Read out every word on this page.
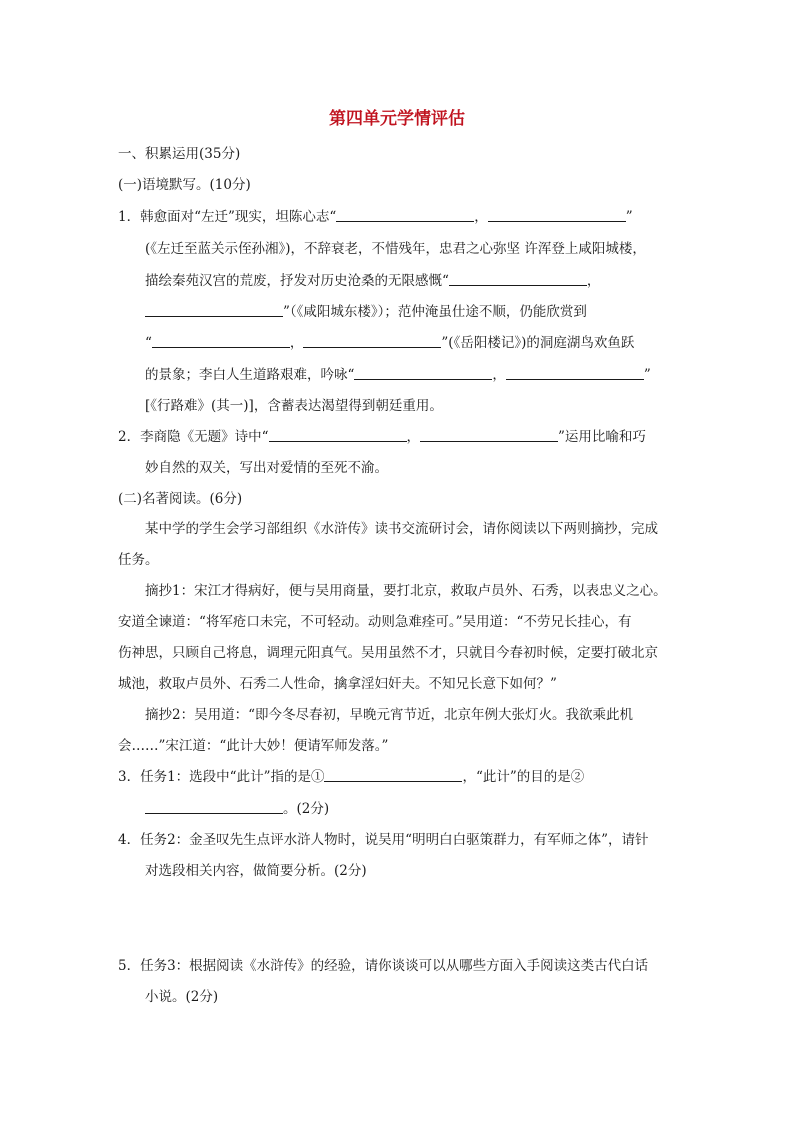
第四单元学情评估
一、积累运用(35分)
(一)语境默写。(10分)
1．韩愈面对“左迁”现实，坦陈心志“	，	”
(《左迁至蓝关示侄孙湘》)，不辞衰老，不惜残年，忠君之心弥坚 许浑登上咸阳城楼，
描绘秦苑汉宫的荒废，抒发对历史沧桑的无限感慨“	，
”（《咸阳城东楼》）；范仲淹虽仕途不顺，仍能欣赏到
“	，	”(《岳阳楼记》)的洞庭湖鸟欢鱼跃
的景象；李白人生道路艰难，吟咏“	，	”
[《行路难》(其一)]，含蓄表达渴望得到朝廷重用。
2．李商隐《无题》诗中“	，	”运用比喻和巧
妙自然的双关，写出对爱情的至死不渝。
(二)名著阅读。(6分)
某中学的学生会学习部组织《水浒传》读书交流研讨会，请你阅读以下两则摘抄，完成
任务。
摘抄1：宋江才得病好，便与吴用商量，要打北京，救取卢员外、石秀，以表忠义之心。
安道全谏道：“将军疮口未完，不可轻动。动则急难痊可。”吴用道：“不劳兄长挂心，有
伤神思，只顾自己将息，调理元阳真气。吴用虽然不才，只就目今春初时候，定要打破北京
城池，救取卢员外、石秀二人性命，擒拿淫妇奸夫。不知兄长意下如何？”
摘抄2：吴用道：“即今冬尽春初，早晚元宵节近，北京年例大张灯火。我欲乘此机
会……”宋江道：“此计大妙！便请军师发落。”
3．任务1：选段中“此计”指的是①	，“此计”的目的是②
。(2分)
4．任务2：金圣叹先生点评水浒人物时，说吴用“明明白白驱策群力，有军师之体”，请针
对选段相关内容，做简要分析。(2分)
5．任务3：根据阅读《水浒传》的经验，请你谈谈可以从哪些方面入手阅读这类古代白话
小说。(2分)
